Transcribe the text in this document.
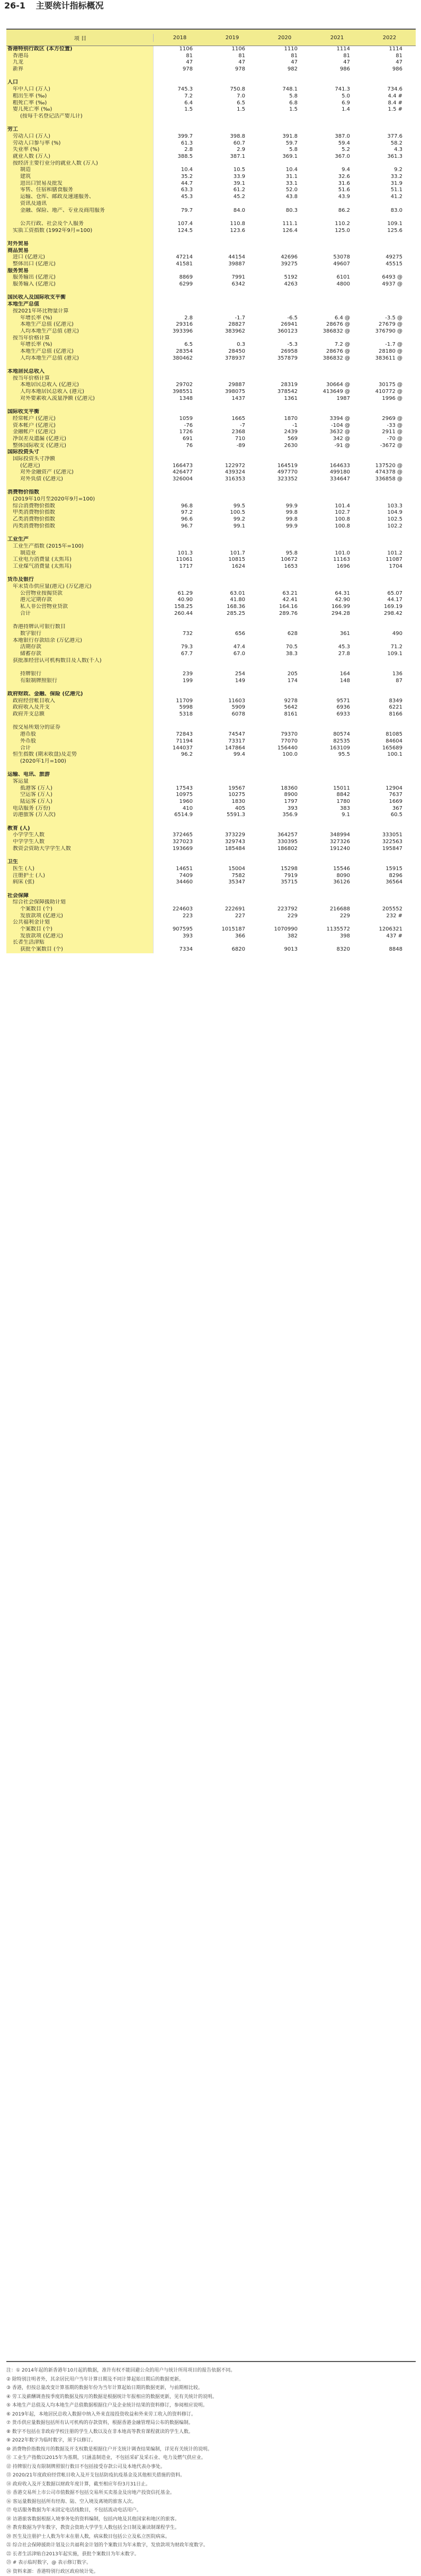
26-1 主要统计指标概况
项 目	2018	2019	2020	2021	2022
香港特别行政区 (本方位置)	1106	1106	1110	1114	1114
香港岛	81	81	81	81	81
九龙	47	47	47	47	47
新界	978	978	982	986	986
人口
年中人口 (万人)	745.3	750.8	748.1	741.3	734.6
粗出生率 (‰)	7.2	7.0	5.8	5.0	4.4 #
粗死亡率 (‰)	6.4	6.5	6.8	6.9	8.4 #
婴儿死亡率 (‰)	1.5	1.5	1.5	1.4	1.5 #
(按每千名登记活产婴儿计)
劳工
劳动人口 (万人)	399.7	398.8	391.8	387.0	377.6
劳动人口参与率 (%)	61.3	60.7	59.7	59.4	58.2
失业率 (%)	2.8	2.9	5.8	5.2	4.3
就业人数 (万人)	388.5	387.1	369.1	367.0	361.3
按经济主要行业分的就业人数 (万人)
制造	10.4	10.5	10.4	9.4	9.2
建筑	35.2	33.9	31.1	32.6	33.2
进出口贸易及批发	44.7	39.1	33.1	31.6	31.9
零售、住宿和膳食服务	63.3	61.2	52.0	51.6	51.1
运输、仓库、邮政及速递服务、	45.3	45.2	43.8	43.9	41.2
资讯及通讯
金融、保险、地产、专业及商用服务	79.7	84.0	80.3	86.2	83.0
公共行政、社会及个人服务	107.4	110.8	111.1	110.2	109.1
实质工资指数 (1992年9月=100)	124.5	123.6	126.4	125.0	125.6
对外贸易
商品贸易
进口 (亿港元)	47214	44154	42696	53078	49275
整体出口 (亿港元)	41581	39887	39275	49607	45515
服务贸易
服务输出 (亿港元)	8869	7991	5192	6101	6493 @
服务输入 (亿港元)	6299	6342	4263	4800	4937 @
国民收入及国际收支平衡
本地生产总值
按2021年环比物量计算
年增长率 (%)	2.8	-1.7	-6.5	6.4 @	-3.5 @
本地生产总值 (亿港元)	29316	28827	26941	28676 @	27679 @
人均本地生产总值 (港元)	393396	383962	360123	386832 @	376790 @
按当年价格计算
年增长率 (%)	6.5	0.3	-5.3	7.2 @	-1.7 @
本地生产总值 (亿港元)	28354	28450	26958	28676 @	28180 @
人均本地生产总值 (港元)	380462	378937	357879	386832 @	383611 @
本地居民总收入
按当年价格计算
本地居民总收入 (亿港元)	29702	29887	28319	30664 @	30175 @
人均本地居民总收入 (港元)	398551	398075	378542	413649 @	410772 @
对外要素收入流量净额 (亿港元)	1348	1437	1361	1987	1996 @
国际收支平衡
经常帐户 (亿港元)	1059	1665	1870	3394 @	2969 @
资本帐户 (亿港元)	-76	-7	-1	-104 @	-33 @
金融帐户 (亿港元)	1726	2368	2439	3632 @	2911 @
净误差及遗漏 (亿港元)	691	710	569	342 @	-70 @
整体国际收支 (亿港元)	76	-89	2630	-91 @	-3672 @
国际投资头寸
国际投资头寸净额
(亿港元)	166473	122972	164519	164633	137520 @
对外金融资产 (亿港元)	426477	439324	497770	499180	474378 @
对外负债 (亿港元)	326004	316353	323352	334647	336858 @
消费物价指数
(2019年10月至2020年9月=100)
综合消费物价指数	96.8	99.5	99.9	101.4	103.3
甲类消费物价指数	97.2	100.5	99.8	102.7	104.9
乙类消费物价指数	96.6	99.2	99.8	100.8	102.5
丙类消费物价指数	96.7	99.1	99.9	100.8	102.2
工业生产
工业生产指数 (2015年=100)
制造业	101.3	101.7	95.8	101.0	101.2
工业电力消费量 (太焦耳)	11061	10815	10672	11163	11087
工业煤气消费量 (太焦耳)	1717	1624	1653	1696	1704
货币及银行
年末货币供应量(港元) (万亿港元)
公营物业按揭贷款	61.29	63.01	63.21	64.31	65.07
港元定期存款	40.90	41.80	42.41	42.90	44.17
私人非公营物业贷款	158.25	168.36	164.16	166.99	169.19
合计	260.44	285.25	289.76	294.28	298.42
香港持牌认可银行数目
数字银行	732	656	628	361	490
本地银行存款结余 (万亿港元)
活期存款	79.3	47.4	70.5	45.3	71.2
储蓄存款	67.7	67.0	38.3	27.8	109.1
获批准经营认可机构数目及人数(千人)
持牌银行	239	254	205	164	136
有限制牌照银行	199	149	174	148	87
政府财政、金融、保险 (亿港元)
政府经营帐目收入	11709	11603	9278	9571	8349
政府收入及开支	5998	5909	5642	6936	6221
政府开支总额	5318	6078	8161	6933	8166
按交易所划分的证券
港币股	72843	74547	79370	80574	81085
外币股	71194	73317	77070	82535	84604
合计	144037	147864	156440	163109	165689
恒生指数 (期末收盘)及走势	96.2	99.4	100.0	95.5	100.1
(2020年1月=100)
运输、电讯、旅游
客运量
抵港客 (万人)	17543	19567	18360	15011	12904
空运客 (万人)	10975	10275	8900	8842	7637
陆运客 (万人)	1960	1830	1797	1780	1669
电话服务 (万份)	410	405	393	383	367
访港旅客 (万人次)	6514.9	5591.3	356.9	9.1	60.5
教育 (人)
小学学生人数	372465	373229	364257	348994	333051
中学学生人数	327023	329743	330395	327326	322563
教资会资助大学学生人数	193669	185484	186802	191240	195847
卫生
医生 (人)	14651	15004	15298	15546	15915
注册护士 (人)	7409	7582	7919	8090	8296
病床 (张)	34460	35347	35715	36126	36564
社会保障
综合社会保障援助计划
个案数目 (个)	224603	222691	223792	216688	205552
发放款项 (亿港元)	223	227	229	229	232 #
公共福利金计划
个案数目 (个)	907595	1015187	1070990	1135572	1206321
发放款项 (亿港元)	393	366	382	398	437 #
长者生活津贴
获批个案数目 (个)	7334	6820	9013	8320	8848
注：① 2014年起的新香港年10月起的数据，准许有权不能回避公众的用户与统计所用项目的报告依据不同。
② 除特别注明者外，其余居民用户当年计算日期及不同计算起始日期后的数据更新。
③ 香港，但按总量改变计算基期的数据年份为当年计算起始日期的数据更新，与前期相比较。
④ 劳工及薪酬调查按季度的数据及按月的数据是根据统计年报相应的数据更新，见有关统计的说明。
⑤ 本地生产总值及人均本地生产总值数据根据住户及企业统计结果的资料修订，参阅相应说明。
⑥ 2019年起，本地居民总收入数据中纳入外来直接投资收益和外来劳工收入的资料修订。
⑦ 货币供应量数据包括所有认可机构的存款资料，根据香港金融管理局公布的数据编制。
⑧ 数字不包括在非政府学校注册的学生人数以及在非本地高等教育课程就读的学生人数。
⑨ 2022年数字为临时数字，须予以修订。
⑩ 消费物价指数按月的数据及开支权数是根据住户开支统计调查结果编制，详见有关统计的说明。
⑪ 工业生产指数以2015年为基期，只涵盖制造业，不包括采矿及采石业、电力及燃气供应业。
⑫ 持牌银行及有限制牌照银行数目不包括接受存款公司及本地代表办事处。
⑬ 2020/21年度政府经营帐目收入及开支包括防疫抗疫基金及其他相关措施的资料。
⑭ 政府收入及开支数据以财政年度计算，截至相应年份3月31日止。
⑮ 香港交易所上市公司市值数据不包括交易所买卖基金及房地产投资信托基金。
⑯ 客运量数据包括所有经海、陆、空入境及离境的旅客人次。
⑰ 电话服务数据为年末固定电话线数目，不包括流动电话用户。
⑱ 访港旅客数据根据入境事务处的资料编制，包括内地及其他国家和地区的旅客。
⑲ 教育数据为学年数字，教资会资助大学学生人数包括全日制及兼读制课程学生。
⑳ 医生及注册护士人数为年末在册人数，病床数目包括公立及私立医院病床。
㉑ 综合社会保障援助计划及公共福利金计划的个案数目为年末数字，发放款项为财政年度数字。
㉒ 长者生活津贴自2013年起实施，获批个案数目为年末数字。
㉓ # 表示临时数字，@ 表示修订数字。
㉔ 资料来源：香港特别行政区政府统计处。
